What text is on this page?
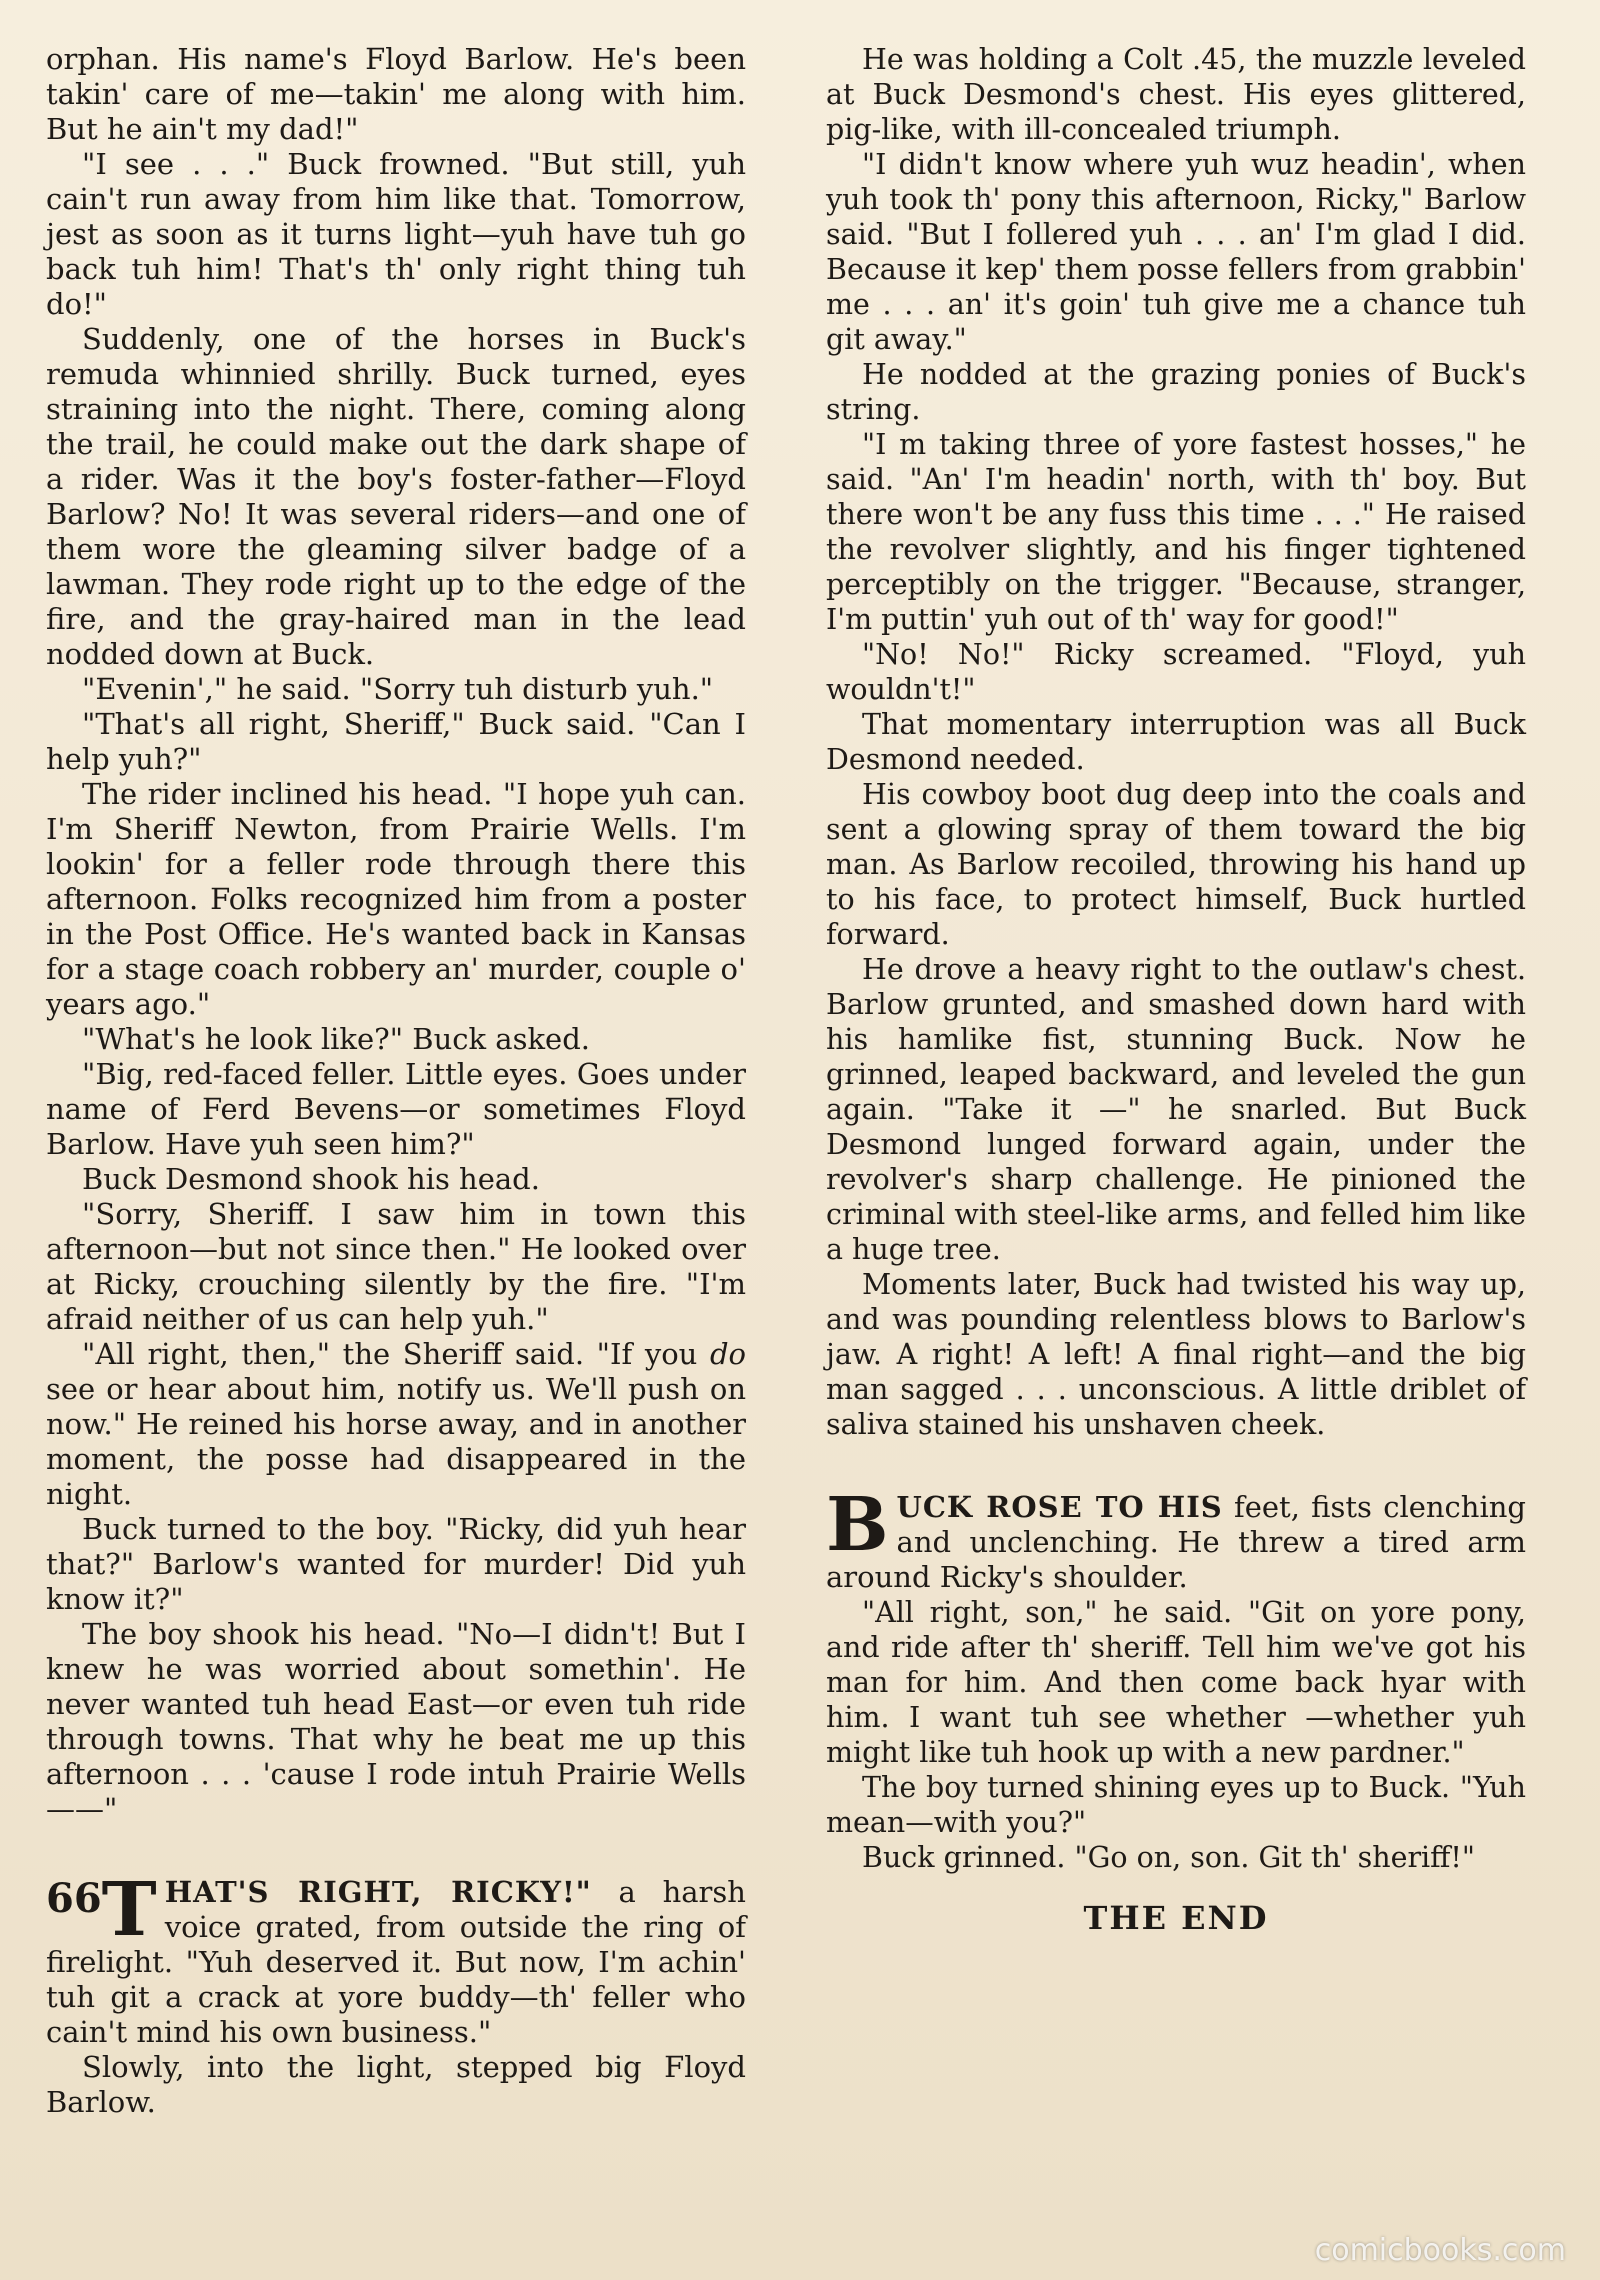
orphan. His name's Floyd Barlow. He's been takin' care of me—takin' me along with him. But he ain't my dad!"

"I see . . ." Buck frowned. "But still, yuh cain't run away from him like that. Tomorrow, jest as soon as it turns light—yuh have tuh go back tuh him! That's th' only right thing tuh do!"

Suddenly, one of the horses in Buck's remuda whinnied shrilly. Buck turned, eyes straining into the night. There, coming along the trail, he could make out the dark shape of a rider. Was it the boy's foster-father—Floyd Barlow? No! It was several riders—and one of them wore the gleaming silver badge of a lawman. They rode right up to the edge of the fire, and the gray-haired man in the lead nodded down at Buck.

"Evenin'," he said. "Sorry tuh disturb yuh."

"That's all right, Sheriff," Buck said. "Can I help yuh?"

The rider inclined his head. "I hope yuh can. I'm Sheriff Newton, from Prairie Wells. I'm lookin' for a feller rode through there this afternoon. Folks recognized him from a poster in the Post Office. He's wanted back in Kansas for a stage coach robbery an' murder, couple o' years ago."

"What's he look like?" Buck asked.

"Big, red-faced feller. Little eyes. Goes under name of Ferd Bevens—or sometimes Floyd Barlow. Have yuh seen him?"

Buck Desmond shook his head.

"Sorry, Sheriff. I saw him in town this afternoon—but not since then." He looked over at Ricky, crouching silently by the fire. "I'm afraid neither of us can help yuh."

"All right, then," the Sheriff said. "If you do see or hear about him, notify us. We'll push on now." He reined his horse away, and in another moment, the posse had disappeared in the night.

Buck turned to the boy. "Ricky, did yuh hear that?" Barlow's wanted for murder! Did yuh know it?"

The boy shook his head. "No—I didn't! But I knew he was worried about somethin'. He never wanted tuh head East—or even tuh ride through towns. That why he beat me up this afternoon . . . 'cause I rode intuh Prairie Wells——"

$^{66}$T HAT'S RIGHT, RICKY!" a harsh voice grated, from outside the ring of firelight. "Yuh deserved it. But now, I'm achin' tuh git a crack at yore buddy—th' feller who cain't mind his own business."

Slowly, into the light, stepped big Floyd Barlow.

He was holding a Colt .45, the muzzle leveled at Buck Desmond's chest. His eyes glittered, pig-like, with ill-concealed triumph.

"I didn't know where yuh wuz headin', when yuh took th' pony this afternoon, Ricky," Barlow said. "But I follered yuh . . . an' I'm glad I did. Because it kep' them posse fellers from grabbin' me . . . an' it's goin' tuh give me a chance tuh git away."

He nodded at the grazing ponies of Buck's string.

"I m taking three of yore fastest hosses," he said. "An' I'm headin' north, with th' boy. But there won't be any fuss this time . . ." He raised the revolver slightly, and his finger tightened perceptibly on the trigger. "Because, stranger, I'm puttin' yuh out of th' way for good!"

"No! No!" Ricky screamed. "Floyd, yuh wouldn't!"

That momentary interruption was all Buck Desmond needed.

His cowboy boot dug deep into the coals and sent a glowing spray of them toward the big man. As Barlow recoiled, throwing his hand up to his face, to protect himself, Buck hurtled forward.

He drove a heavy right to the outlaw's chest. Barlow grunted, and smashed down hard with his hamlike fist, stunning Buck. Now he grinned, leaped backward, and leveled the gun again. "Take it —" he snarled. But Buck Desmond lunged forward again, under the revolver's sharp challenge. He pinioned the criminal with steel-like arms, and felled him like a huge tree.

Moments later, Buck had twisted his way up, and was pounding relentless blows to Barlow's jaw. A right! A left! A final right—and the big man sagged . . . unconscious. A little driblet of saliva stained his unshaven cheek.

BUCK ROSE TO HIS feet, fists clenching and unclenching. He threw a tired arm around Ricky's shoulder.

"All right, son," he said. "Git on yore pony, and ride after th' sheriff. Tell him we've got his man for him. And then come back hyar with him. I want tuh see whether —whether yuh might like tuh hook up with a new pardner."

The boy turned shining eyes up to Buck. "Yuh mean—with you?"

Buck grinned. "Go on, son. Git th' sheriff!"

THE END
comicbooks.com
